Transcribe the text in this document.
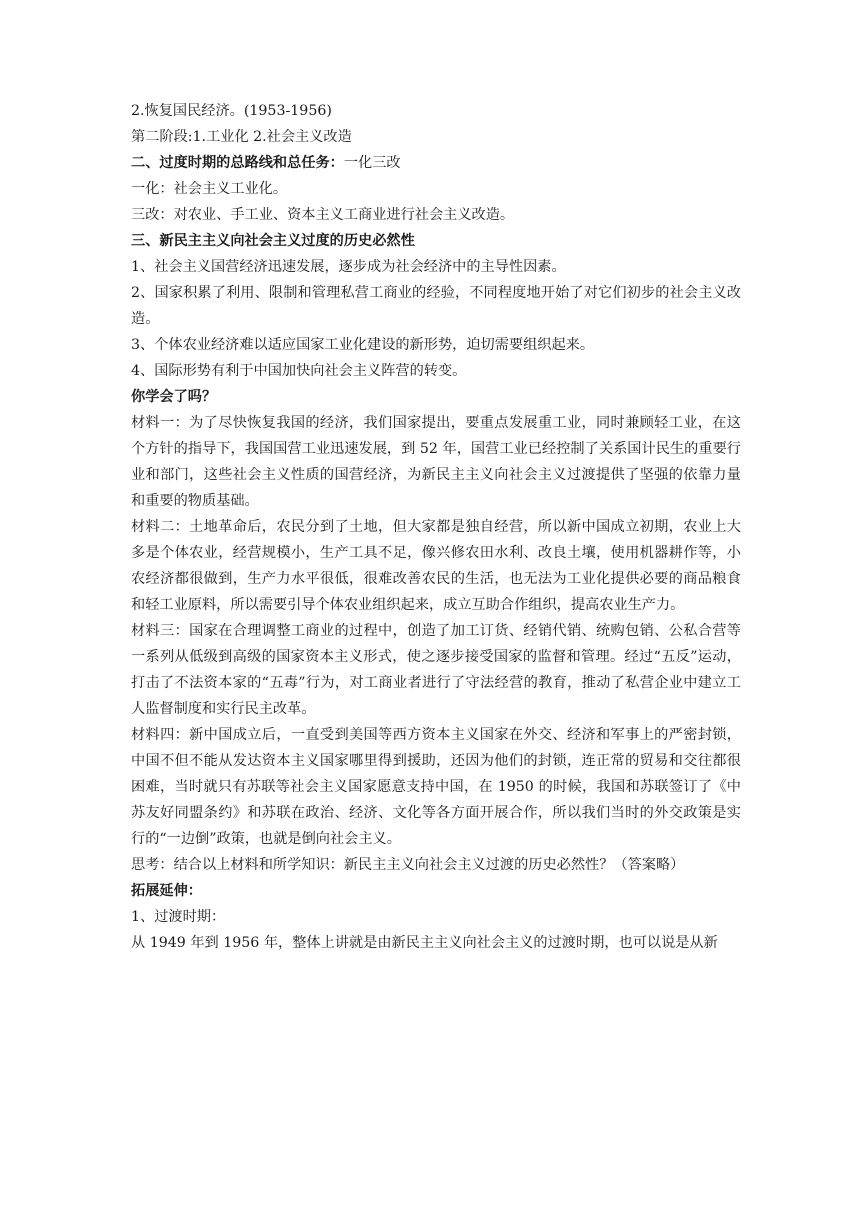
2.恢复国民经济。(1953-1956)
第二阶段:1.工业化 2.社会主义改造
二、过度时期的总路线和总任务：一化三改
一化：社会主义工业化。
三改：对农业、手工业、资本主义工商业进行社会主义改造。
三、新民主主义向社会主义过度的历史必然性
1、社会主义国营经济迅速发展，逐步成为社会经济中的主导性因素。
2、国家积累了利用、限制和管理私营工商业的经验，不同程度地开始了对它们初步的社会主义改造。
3、个体农业经济难以适应国家工业化建设的新形势，迫切需要组织起来。
4、国际形势有利于中国加快向社会主义阵营的转变。
你学会了吗？
材料一：为了尽快恢复我国的经济，我们国家提出，要重点发展重工业，同时兼顾轻工业，在这个方针的指导下，我国国营工业迅速发展，到 52 年，国营工业已经控制了关系国计民生的重要行业和部门，这些社会主义性质的国营经济，为新民主主义向社会主义过渡提供了坚强的依靠力量和重要的物质基础。
材料二：土地革命后，农民分到了土地，但大家都是独自经营，所以新中国成立初期，农业上大多是个体农业，经营规模小，生产工具不足，像兴修农田水利、改良土壤，使用机器耕作等，小农经济都很做到，生产力水平很低，很难改善农民的生活，也无法为工业化提供必要的商品粮食和轻工业原料，所以需要引导个体农业组织起来，成立互助合作组织，提高农业生产力。
材料三：国家在合理调整工商业的过程中，创造了加工订货、经销代销、统购包销、公私合营等一系列从低级到高级的国家资本主义形式，使之逐步接受国家的监督和管理。经过“五反”运动，打击了不法资本家的“五毒”行为，对工商业者进行了守法经营的教育，推动了私营企业中建立工人监督制度和实行民主改革。
材料四：新中国成立后，一直受到美国等西方资本主义国家在外交、经济和军事上的严密封锁，中国不但不能从发达资本主义国家哪里得到援助，还因为他们的封锁，连正常的贸易和交往都很困难，当时就只有苏联等社会主义国家愿意支持中国，在 1950 的时候，我国和苏联签订了《中苏友好同盟条约》和苏联在政治、经济、文化等各方面开展合作，所以我们当时的外交政策是实行的“一边倒”政策，也就是倒向社会主义。
思考：结合以上材料和所学知识：新民主主义向社会主义过渡的历史必然性？（答案略）
拓展延伸：
1、过渡时期：
从 1949 年到 1956 年，整体上讲就是由新民主主义向社会主义的过渡时期，也可以说是从新
